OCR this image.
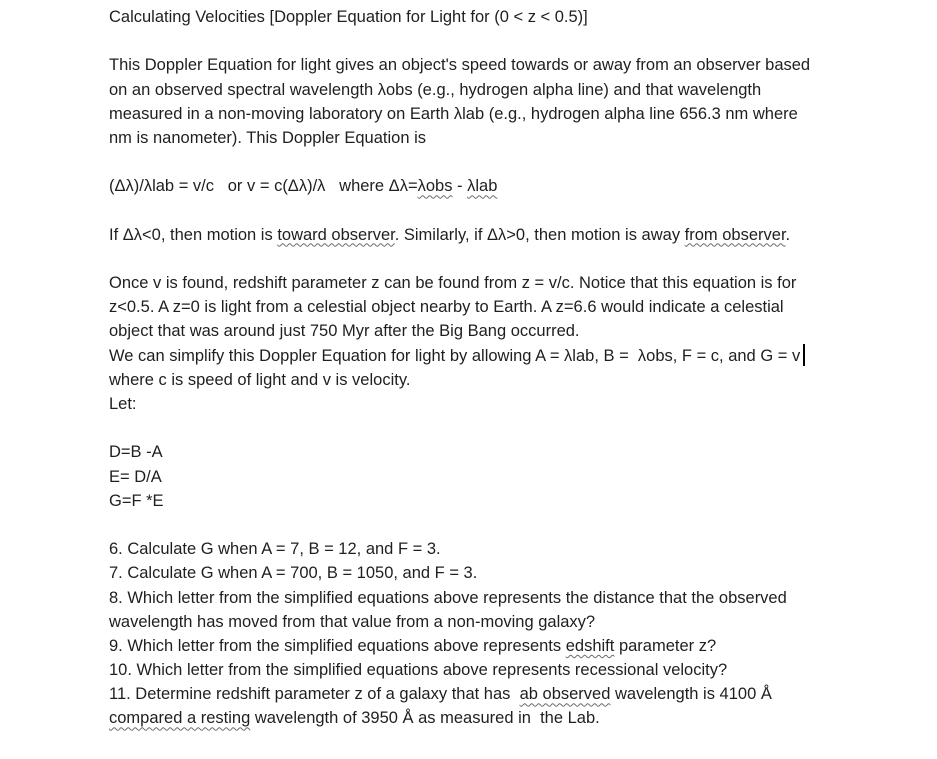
Calculating Velocities [Doppler Equation for Light for (0 < z < 0.5)]
This Doppler Equation for light gives an object's speed towards or away from an observer based
on an observed spectral wavelength λobs (e.g., hydrogen alpha line) and that wavelength
measured in a non-moving laboratory on Earth λlab (e.g., hydrogen alpha line 656.3 nm where
nm is nanometer). This Doppler Equation is
(Δλ)/λlab = v/c   or v = c(Δλ)/λ   where Δλ=λobs - λlab
If Δλ<0, then motion is toward observer. Similarly, if Δλ>0, then motion is away from observer.
Once v is found, redshift parameter z can be found from z = v/c. Notice that this equation is for
z<0.5. A z=0 is light from a celestial object nearby to Earth. A z=6.6 would indicate a celestial
object that was around just 750 Myr after the Big Bang occurred.
We can simplify this Doppler Equation for light by allowing A = λlab, B =  λobs, F = c, and G = v
where c is speed of light and v is velocity.
Let:
D=B -A
E= D/A
G=F *E
6. Calculate G when A = 7, B = 12, and F = 3.
7. Calculate G when A = 700, B = 1050, and F = 3.
8. Which letter from the simplified equations above represents the distance that the observed
wavelength has moved from that value from a non-moving galaxy?
9. Which letter from the simplified equations above represents edshift parameter z?
10. Which letter from the simplified equations above represents recessional velocity?
11. Determine redshift parameter z of a galaxy that has  ab observed wavelength is 4100 Å
compared a resting wavelength of 3950 Å as measured in  the Lab.
